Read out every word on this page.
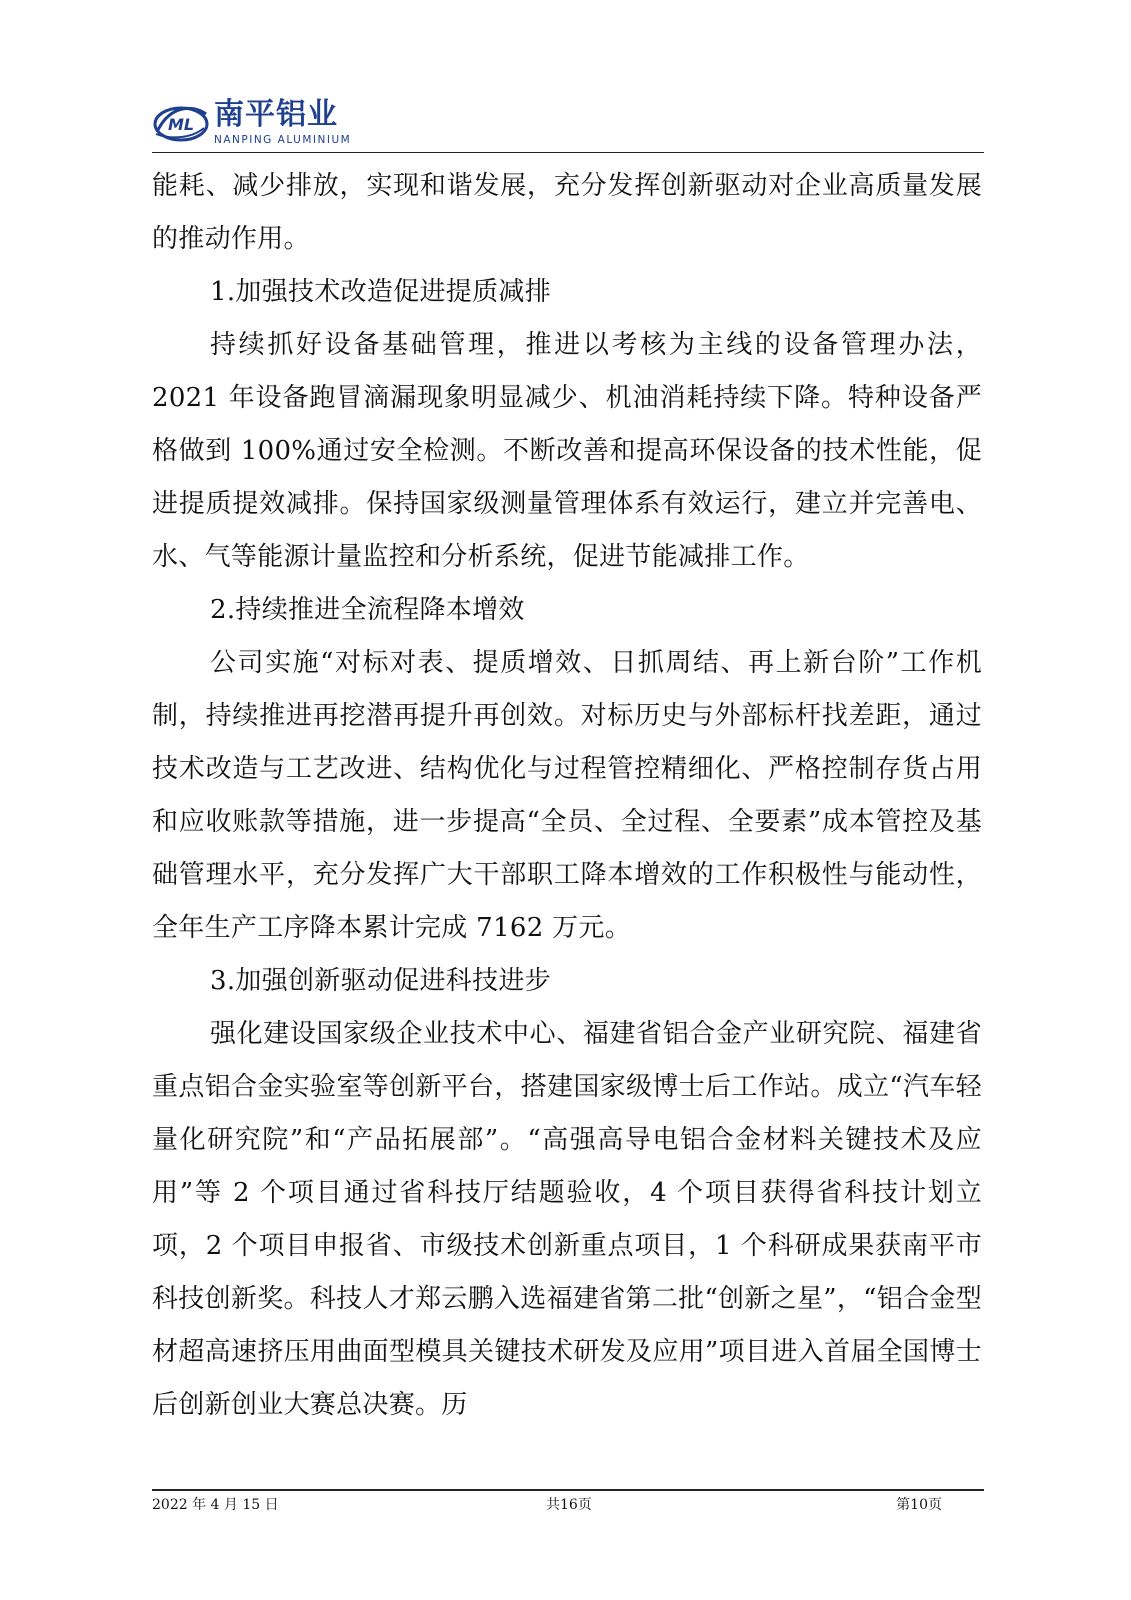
ML 南平铝业
NANPING ALUMINIUM

能耗、减少排放，实现和谐发展，充分发挥创新驱动对企业高质量发展的推动作用。

1.加强技术改造促进提质减排

持续抓好设备基础管理，推进以考核为主线的设备管理办法，2021 年设备跑冒滴漏现象明显减少、机油消耗持续下降。特种设备严格做到 100%通过安全检测。不断改善和提高环保设备的技术性能，促进提质提效减排。保持国家级测量管理体系有效运行，建立并完善电、水、气等能源计量监控和分析系统，促进节能减排工作。

2.持续推进全流程降本增效

公司实施“对标对表、提质增效、日抓周结、再上新台阶”工作机制，持续推进再挖潜再提升再创效。对标历史与外部标杆找差距，通过技术改造与工艺改进、结构优化与过程管控精细化、严格控制存货占用和应收账款等措施，进一步提高“全员、全过程、全要素”成本管控及基础管理水平，充分发挥广大干部职工降本增效的工作积极性与能动性，全年生产工序降本累计完成 7162 万元。

3.加强创新驱动促进科技进步

强化建设国家级企业技术中心、福建省铝合金产业研究院、福建省重点铝合金实验室等创新平台，搭建国家级博士后工作站。成立“汽车轻量化研究院”和“产品拓展部”。“高强高导电铝合金材料关键技术及应用”等 2 个项目通过省科技厅结题验收，4 个项目获得省科技计划立项，2 个项目申报省、市级技术创新重点项目，1 个科研成果获南平市科技创新奖。科技人才郑云鹏入选福建省第二批“创新之星”，“铝合金型材超高速挤压用曲面型模具关键技术研发及应用”项目进入首届全国博士后创新创业大赛总决赛。历

2022 年 4 月 15 日	共16页	第10页
